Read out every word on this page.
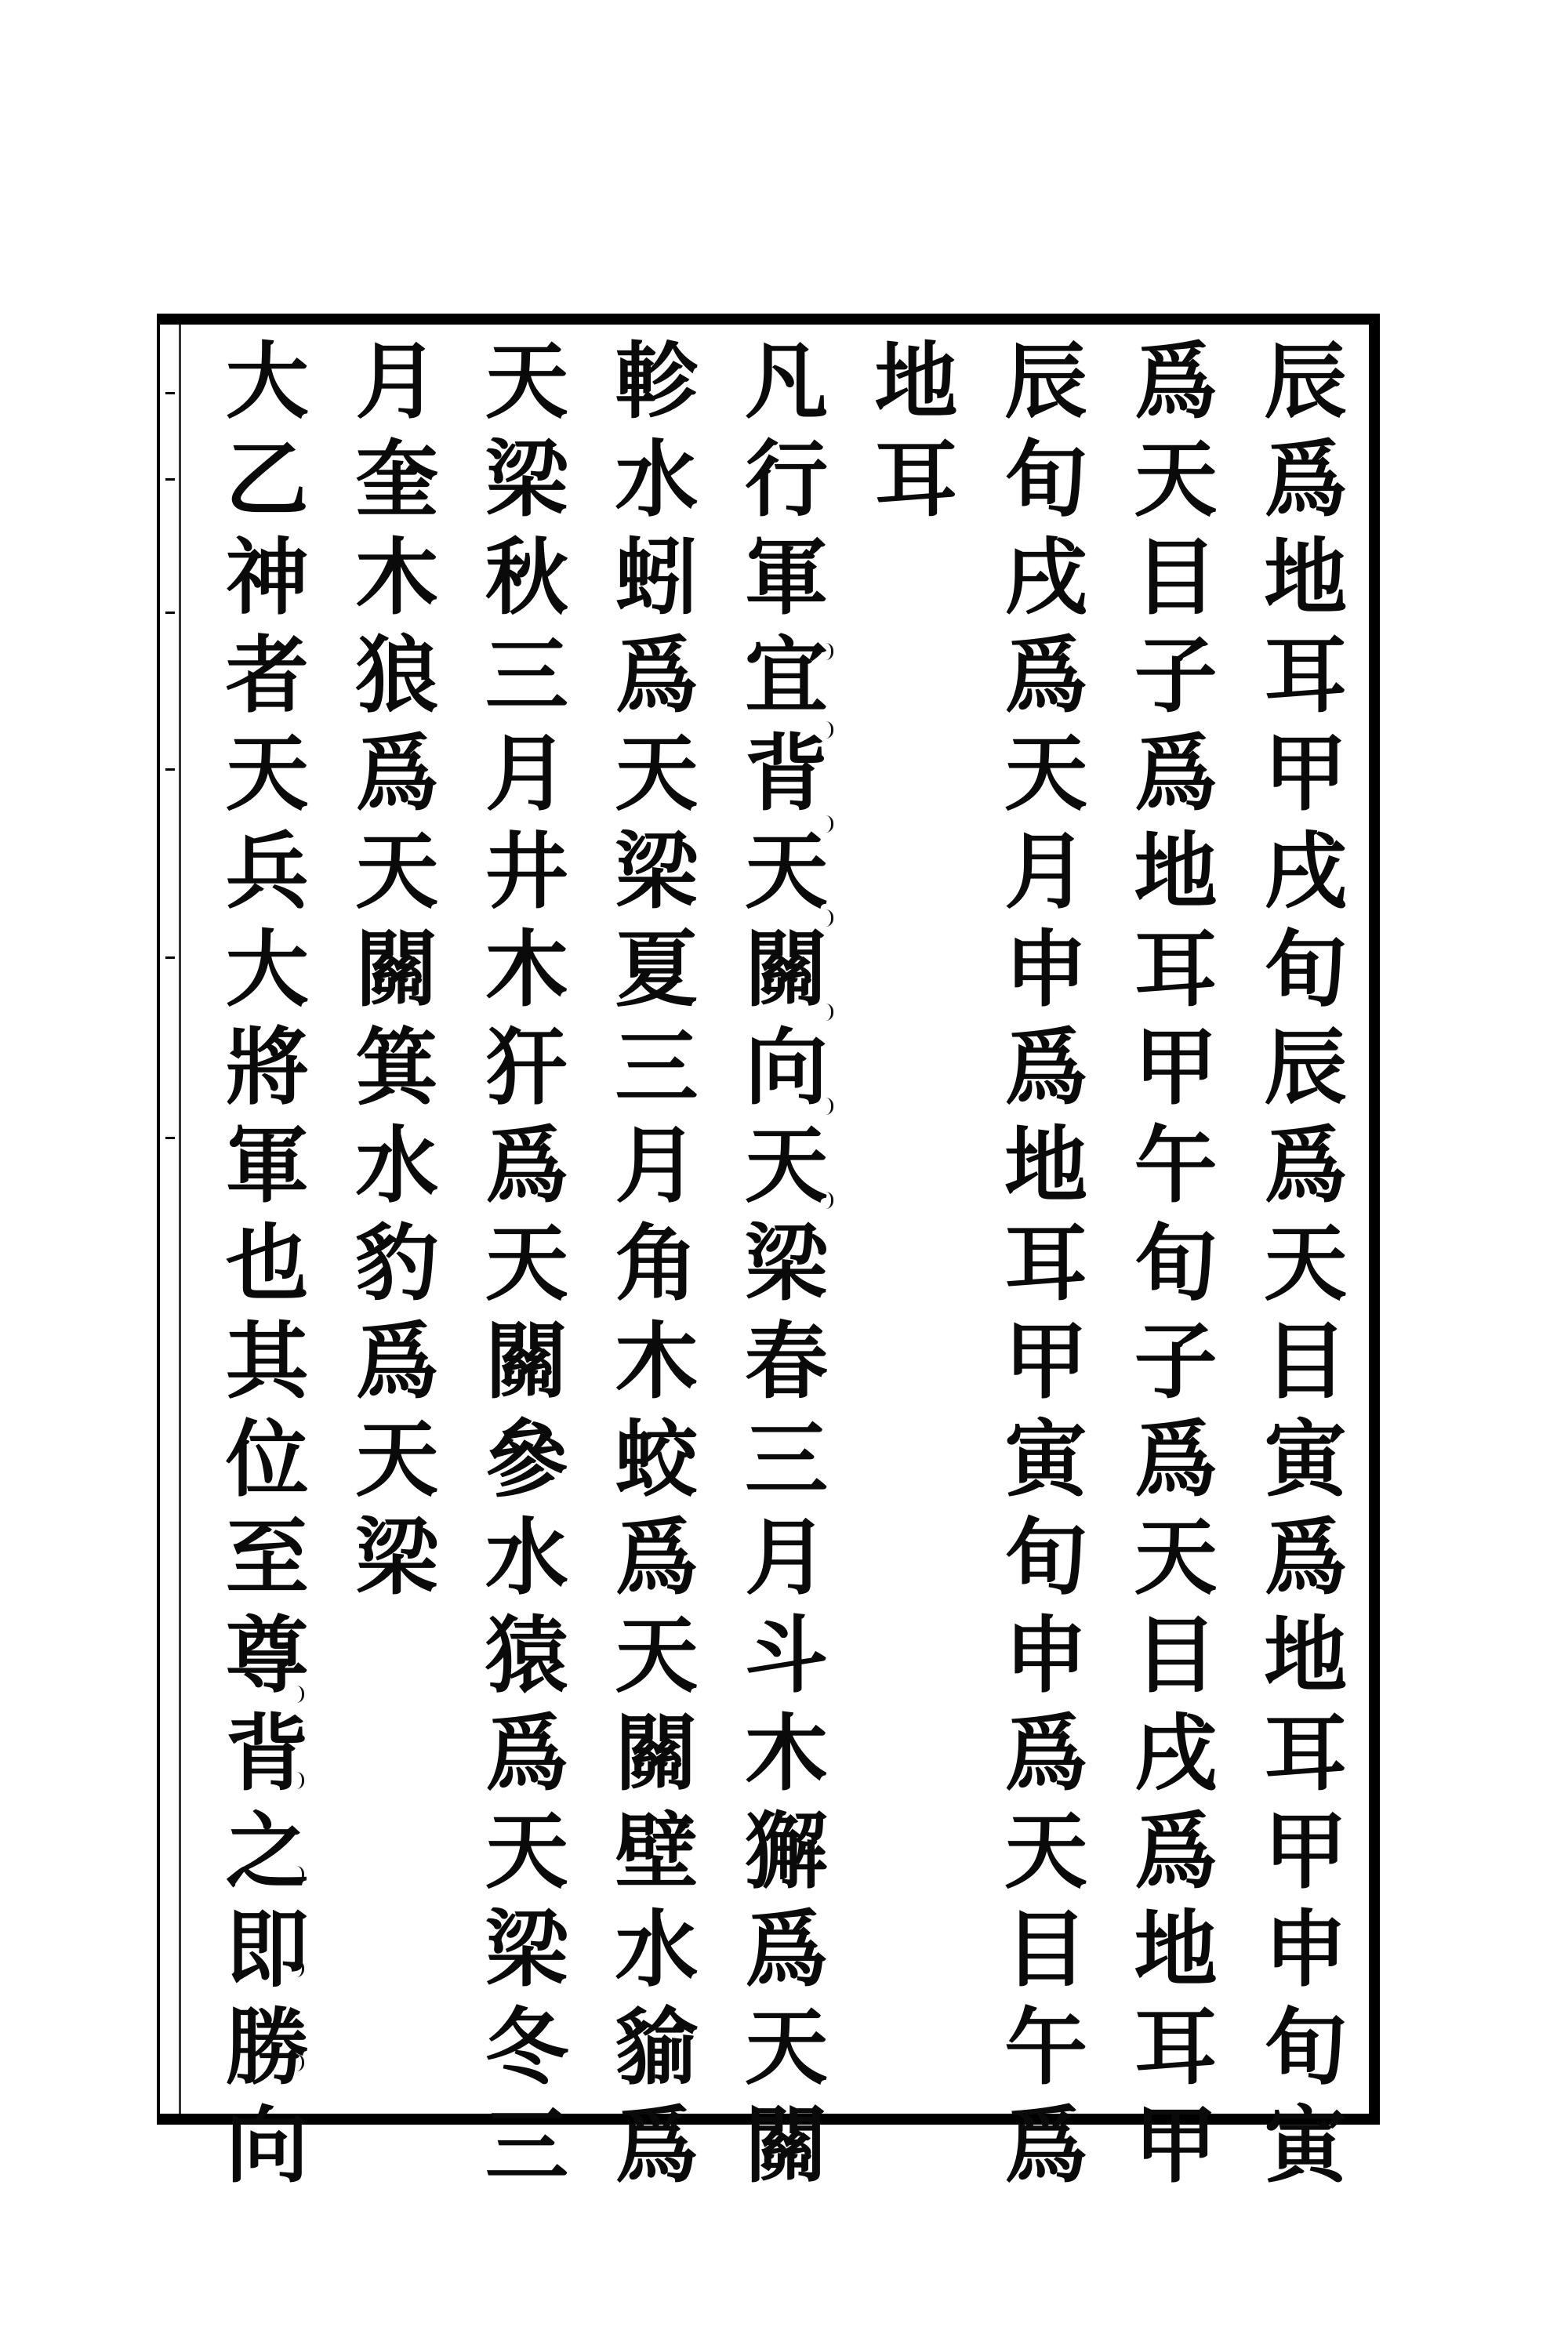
辰爲地耳甲戌旬辰爲天目寅爲地耳甲申旬寅
爲天目子爲地耳甲午旬子爲天目戌爲地耳甲
辰旬戌爲天月申爲地耳甲寅旬申爲天目午爲
地耳
凡行軍宜背天關向天梁春三月斗木獬爲天關
軫水蚓爲天梁夏三月角木蛟爲天關壁水貐爲
天梁秋三月井木犴爲天關參水猿爲天梁冬三
月奎木狼爲天關箕水豹爲天梁
大乙神者天兵大將軍也其位至尊背之即勝向
